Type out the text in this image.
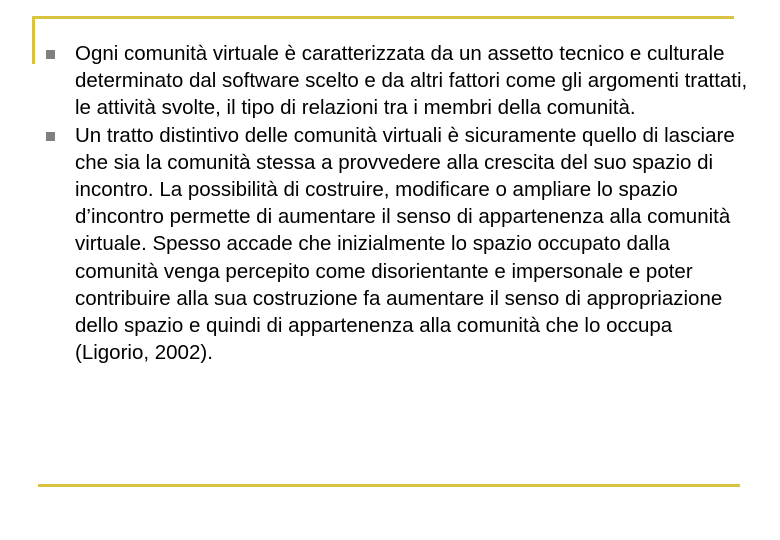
Ogni comunità virtuale è caratterizzata da un assetto tecnico e culturale determinato dal software scelto e da altri fattori come gli argomenti trattati, le attività svolte, il tipo di relazioni tra i membri della comunità.
Un tratto distintivo delle comunità virtuali è sicuramente quello di lasciare che sia la comunità stessa a provvedere alla crescita del suo spazio di incontro. La possibilità di costruire, modificare o ampliare lo spazio d’incontro permette di aumentare il senso di appartenenza alla comunità virtuale. Spesso accade che inizialmente lo spazio occupato dalla comunità venga percepito come disorientante e impersonale e poter contribuire alla sua costruzione fa aumentare il senso di appropriazione dello spazio e quindi di appartenenza alla comunità che lo occupa (Ligorio, 2002).
